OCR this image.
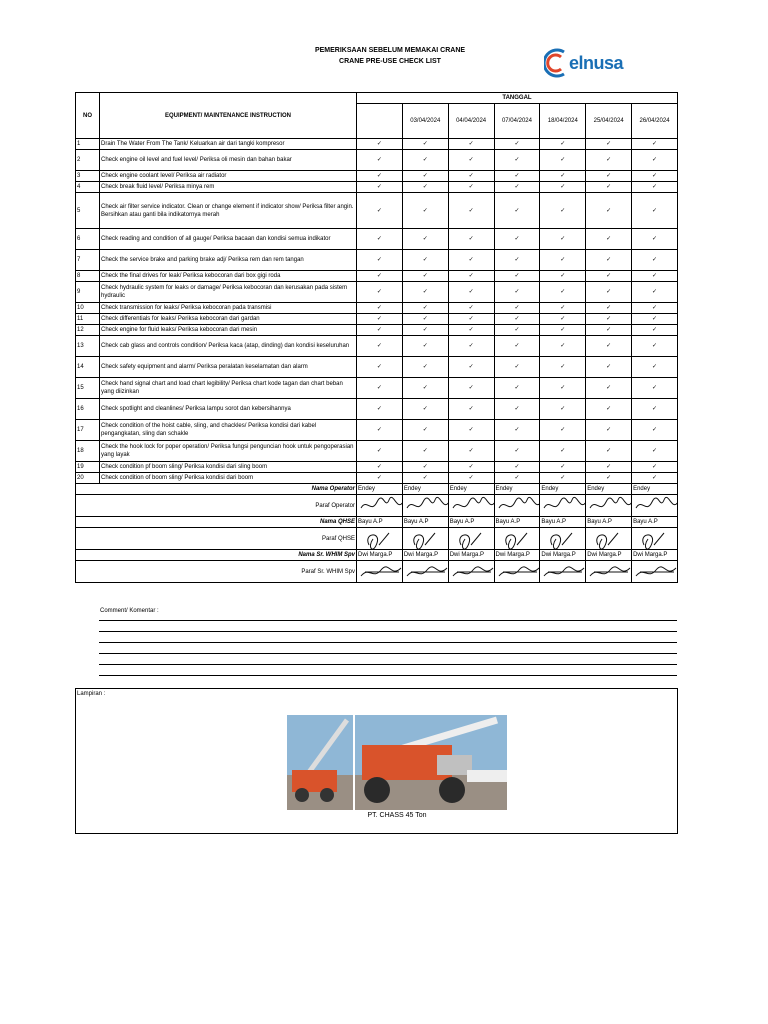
PEMERIKSAAN SEBELUM MEMAKAI CRANE
CRANE PRE-USE CHECK LIST	elnusa
NO	EQUIPMENT/ MAINTENANCE INSTRUCTION	TANGGAL						
			03/04/2024	04/04/2024	07/04/2024	18/04/2024	25/04/2024	26/04/2024
1	Drain The Water From The Tank/ Keluarkan air dari tangki kompresor	✓	✓	✓	✓	✓	✓	✓
2	Check engine oil level and fuel level/ Periksa oli mesin dan bahan bakar	✓	✓	✓	✓	✓	✓	✓
3	Check engine coolant level/ Periksa air radiator	✓	✓	✓	✓	✓	✓	✓
4	Check break fluid level/ Periksa minya rem	✓	✓	✓	✓	✓	✓	✓
5	Check air filter service indicator. Clean or change element if indicator show/ Periksa filter angin. Bersihkan atau ganti bila indikatornya merah	✓	✓	✓	✓	✓	✓	✓
6	Check reading and condition of all gauge/ Periksa bacaan dan kondisi semua indikator	✓	✓	✓	✓	✓	✓	✓
7	Check the service brake and parking brake adj/ Periksa rem dan rem tangan	✓	✓	✓	✓	✓	✓	✓
8	Check the final drives for leak/ Periksa kebocoran dari box gigi roda	✓	✓	✓	✓	✓	✓	✓
9	Check hydraulic system for leaks or damage/ Periksa kebocoran dan kerusakan pada sistem hydraulic	✓	✓	✓	✓	✓	✓	✓
10	Check transmission for leaks/ Periksa kebocoran pada transmisi	✓	✓	✓	✓	✓	✓	✓
11	Check differentials for leaks/ Periksa kebocoran dari gardan	✓	✓	✓	✓	✓	✓	✓
12	Check engine for fluid leaks/ Periksa kebocoran dari mesin	✓	✓	✓	✓	✓	✓	✓
13	Check cab glass and controls condition/ Periksa kaca (atap, dinding) dan kondisi keseluruhan	✓	✓	✓	✓	✓	✓	✓
14	Check safety equipment and alarm/ Periksa peralatan keselamatan dan alarm	✓	✓	✓	✓	✓	✓	✓
15	Check hand signal chart and load chart legibility/ Periksa chart kode tagan dan chart beban yang diizinkan	✓	✓	✓	✓	✓	✓	✓
16	Check spotlight and cleanlines/ Periksa lampu sorot dan kebersihannya	✓	✓	✓	✓	✓	✓	✓
17	Check condition of the hoist cable, sling, and chackles/ Periksa kondisi dari kabel pengangkatan, sling dan schakle	✓	✓	✓	✓	✓	✓	✓
18	Check the hook lock for poper operation/ Periksa fungsi penguncian hook untuk pengoperasian yang layak	✓	✓	✓	✓	✓	✓	✓
19	Check condition pf boom sling/ Periksa kondisi dari sling boom	✓	✓	✓	✓	✓	✓	✓
20	Check condition of boom sling/ Periksa kondisi dari boom	✓	✓	✓	✓	✓	✓	✓
Nama Operator		Endey	Endey	Endey	Endey	Endey	Endey	Endey
Paraf Operator	

Nama QHSE		Bayu A.P	Bayu A.P	Bayu A.P	Bayu A.P	Bayu A.P	Bayu A.P	Bayu A.P
Paraf QHSE	

Nama Sr. WHIM Spv		Dwi Marga.P	Dwi Marga.P	Dwi Marga.P	Dwi Marga.P	Dwi Marga.P	Dwi Marga.P	Dwi Marga.P
Paraf Sr. WHIM Spv	

Comment/ Komentar :
Lampiran :
PT. CHASS 45 Ton
